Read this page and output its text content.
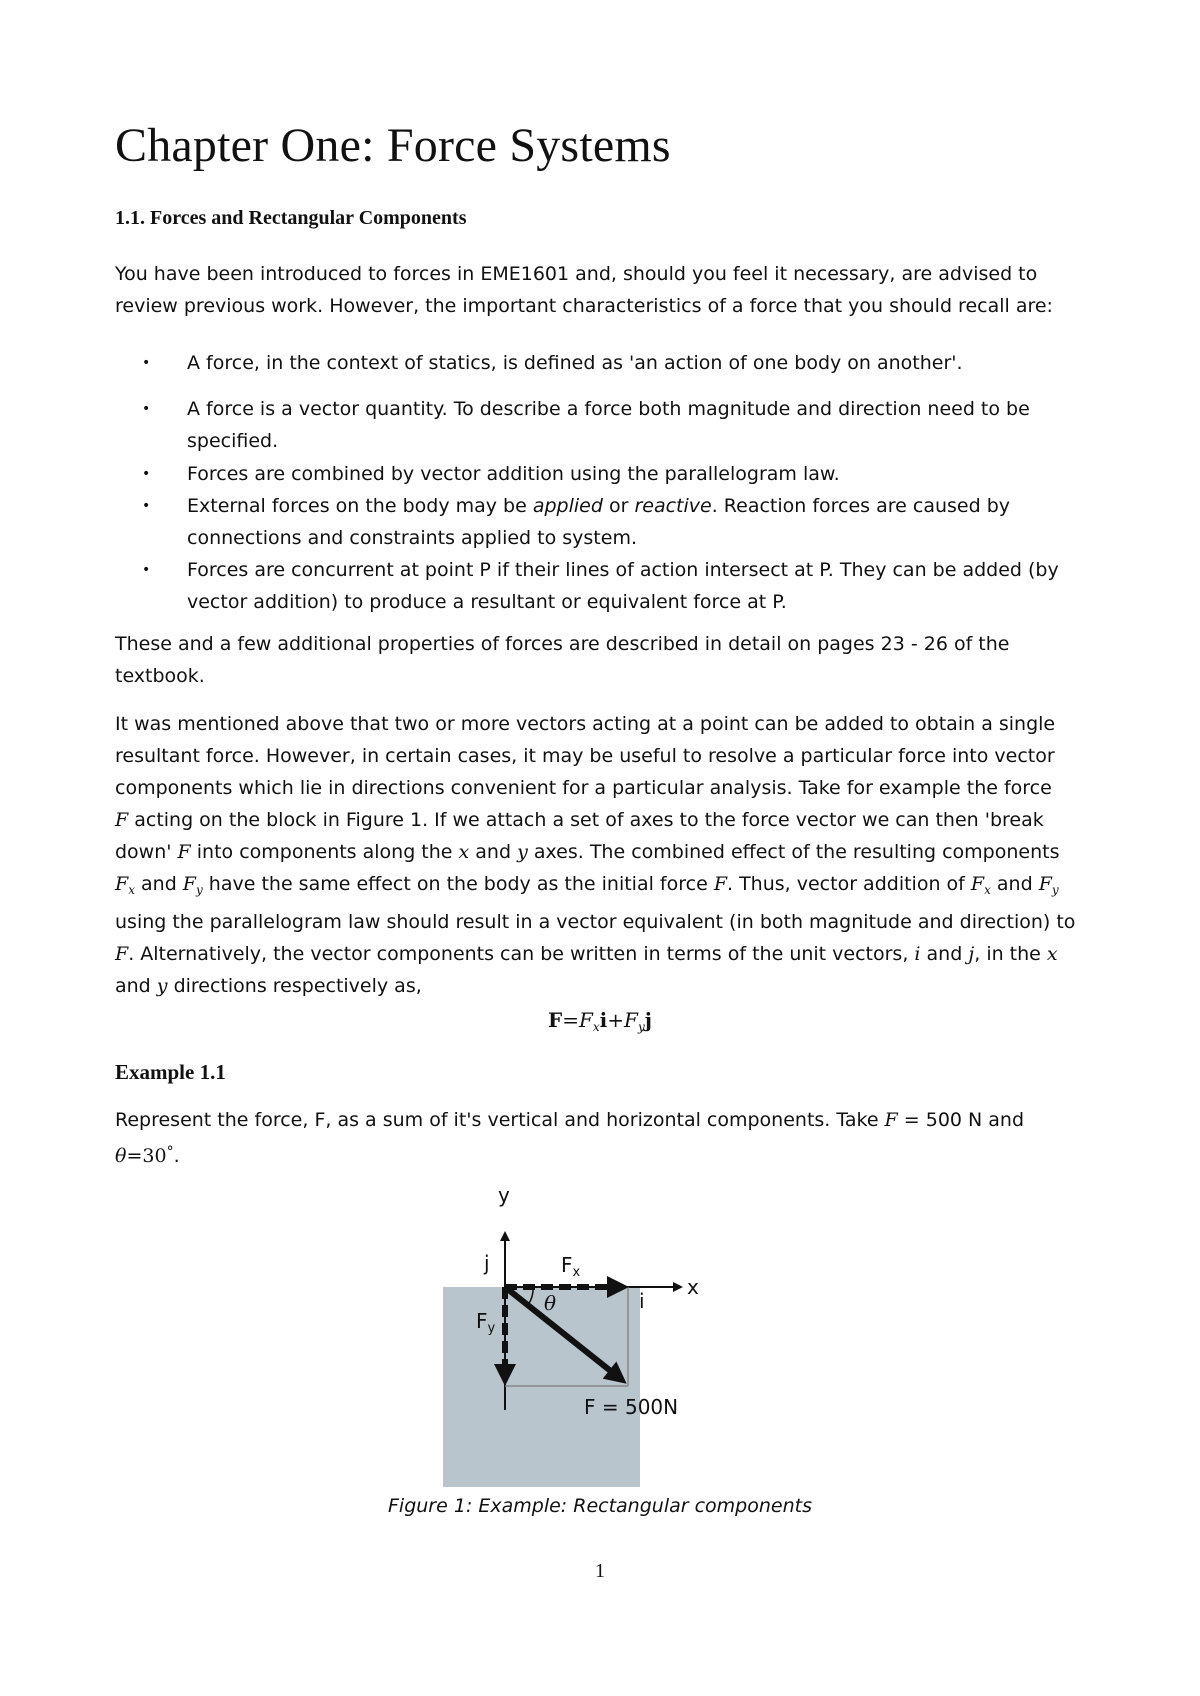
Chapter One: Force Systems
1.1. Forces and Rectangular Components

You have been introduced to forces in EME1601 and, should you feel it necessary, are advised to
review previous work. However, the important characteristics of a force that you should recall are:

•	A force, in the context of statics, is defined as 'an action of one body on another'.
•	A force is a vector quantity. To describe a force both magnitude and direction need to be
specified.
•	Forces are combined by vector addition using the parallelogram law.
•	External forces on the body may be applied or reactive. Reaction forces are caused by
connections and constraints applied to system.
•	Forces are concurrent at point P if their lines of action intersect at P. They can be added (by
vector addition) to produce a resultant or equivalent force at P.

These and a few additional properties of forces are described in detail on pages 23 - 26 of the
textbook.

It was mentioned above that two or more vectors acting at a point can be added to obtain a single
resultant force. However, in certain cases, it may be useful to resolve a particular force into vector
components which lie in directions convenient for a particular analysis. Take for example the force
F acting on the block in Figure 1. If we attach a set of axes to the force vector we can then 'break
down' F into components along the x and y axes. The combined effect of the resulting components
$F_x$ and $F_y$ have the same effect on the body as the initial force F. Thus, vector addition of $F_x$ and $F_y$
using the parallelogram law should result in a vector equivalent (in both magnitude and direction) to
F. Alternatively, the vector components can be written in terms of the unit vectors, i and j, in the x
and y directions respectively as,

$F=F_xi+F_yj$
Example 1.1

Represent the force, F, as a sum of it's vertical and horizontal components. Take F = 500 N and
θ=30°.

y
x
j
i
$F_x$
$F_y$
θ
F = 500N
Figure 1: Example: Rectangular components
1
